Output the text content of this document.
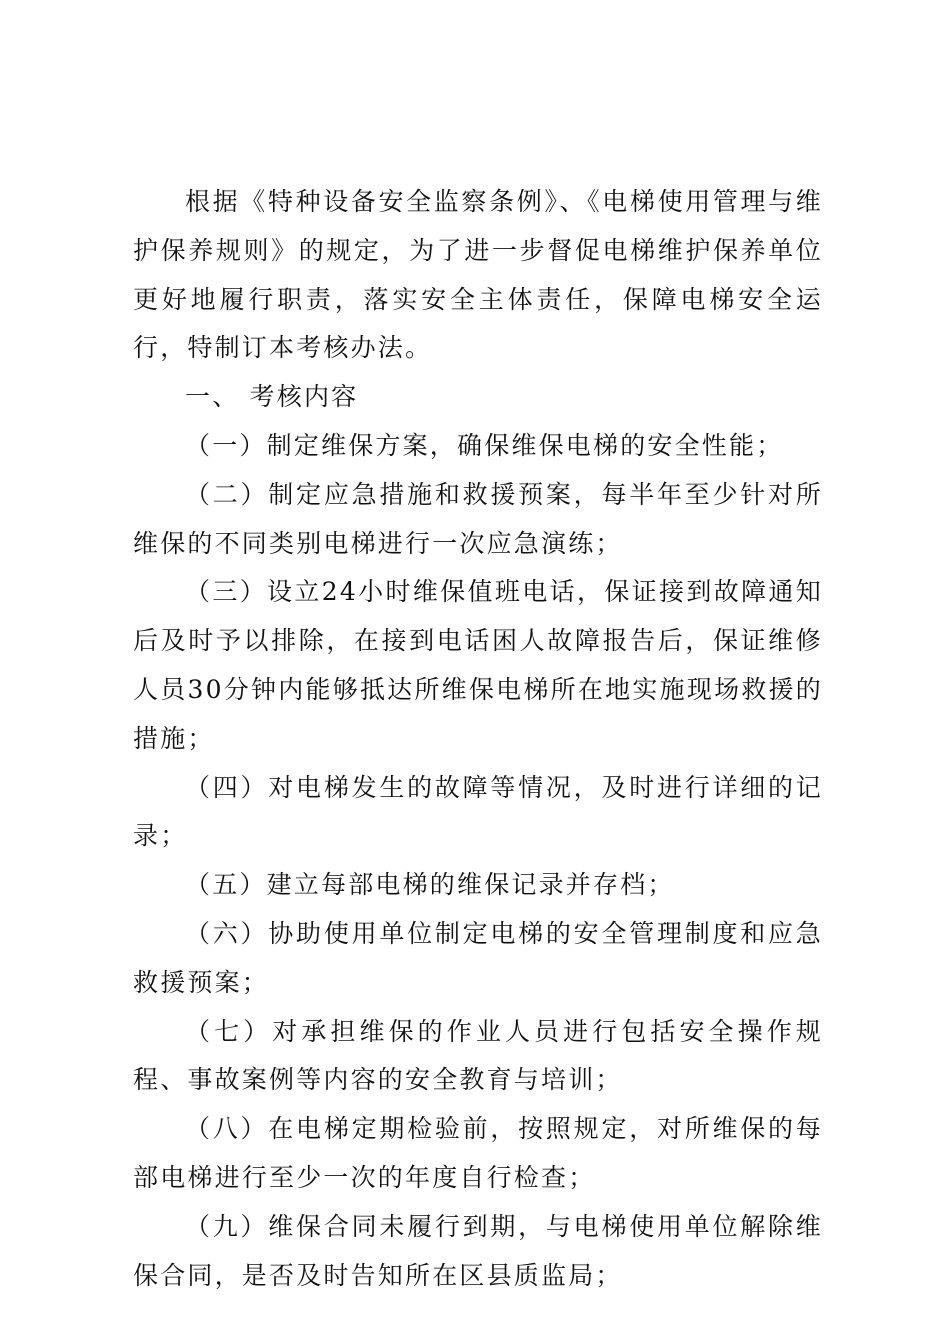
根据《特种设备安全监察条例》、《电梯使用管理与维护保养规则》的规定，为了进一步督促电梯维护保养单位更好地履行职责，落实安全主体责任，保障电梯安全运行，特制订本考核办法。

一、 考核内容

（一）制定维保方案，确保维保电梯的安全性能；

（二）制定应急措施和救援预案，每半年至少针对所维保的不同类别电梯进行一次应急演练；

（三）设立24小时维保值班电话，保证接到故障通知后及时予以排除，在接到电话困人故障报告后，保证维修人员30分钟内能够抵达所维保电梯所在地实施现场救援的措施；

（四）对电梯发生的故障等情况，及时进行详细的记录；

（五）建立每部电梯的维保记录并存档；

（六）协助使用单位制定电梯的安全管理制度和应急救援预案；

（七）对承担维保的作业人员进行包括安全操作规程、事故案例等内容的安全教育与培训；

（八）在电梯定期检验前，按照规定，对所维保的每部电梯进行至少一次的年度自行检查；

（九）维保合同未履行到期，与电梯使用单位解除维保合同，是否及时告知所在区县质监局；
